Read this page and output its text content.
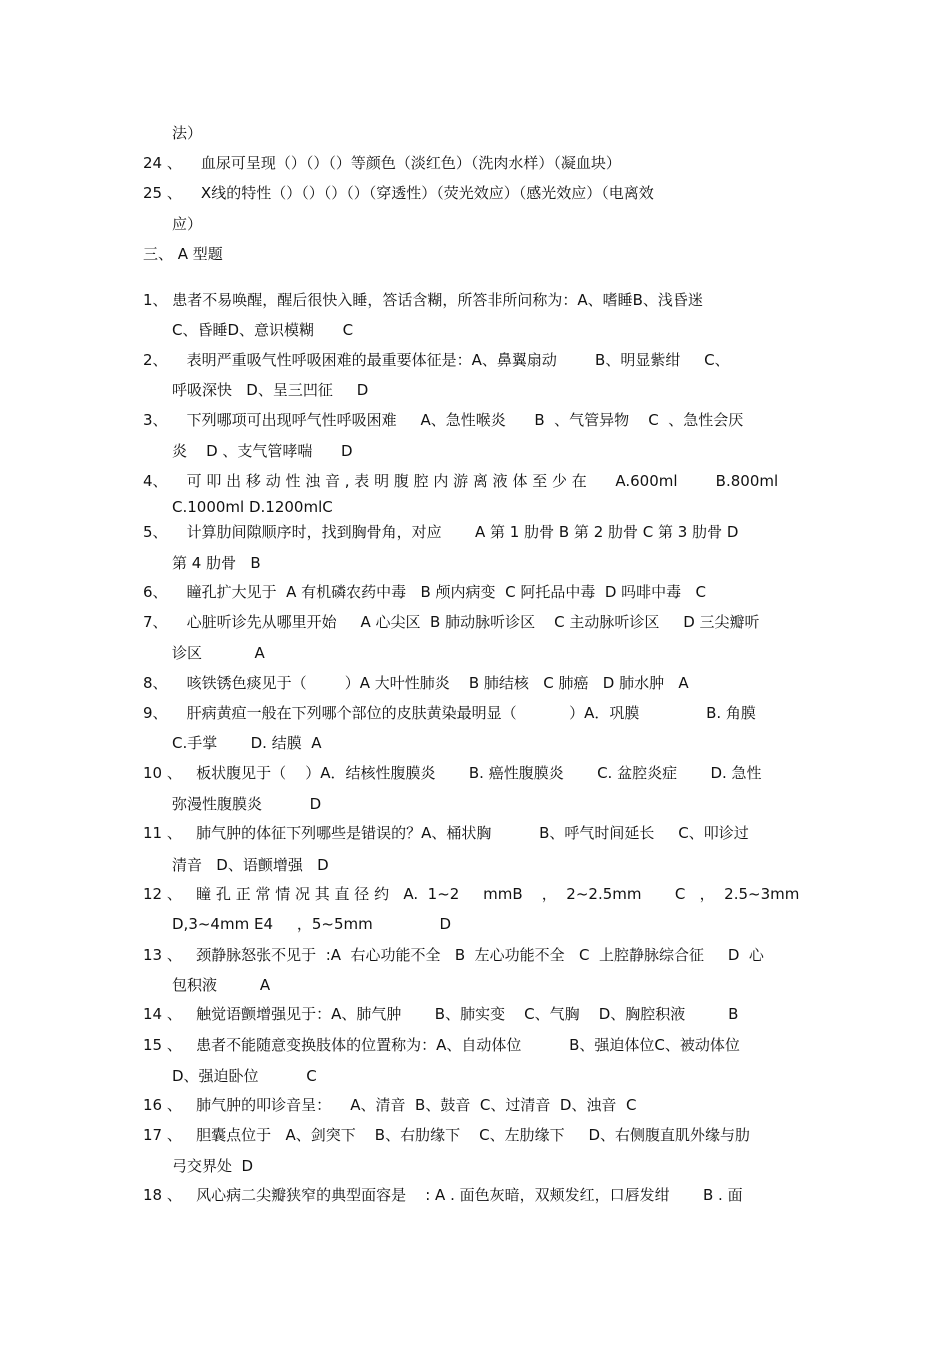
法）
24 、    血尿可呈现（）（）（）等颜色（淡红色）（洗肉水样）（凝血块）
25 、    X线的特性（）（）（）（）（穿透性）（荧光效应）（感光效应）（电离效
应）
三、 A 型题
1、 患者不易唤醒，醒后很快入睡，答话含糊，所答非所问称为：A、嗜睡B、浅昏迷
C、昏睡D、意识模糊      C
2、    表明严重吸气性呼吸困难的最重要体征是：A、鼻翼扇动        B、明显紫绀     C、
呼吸深快   D、呈三凹征     D
3、    下列哪项可出现呼气性呼吸困难     A、急性喉炎      B  、气管异物    C  、急性会厌
炎    D 、支气管哮喘      D
4、    可 叩 出 移 动 性 浊 音 , 表 明 腹 腔 内 游 离 液 体 至 少 在      A.600ml        B.800ml
C.1000ml D.1200mlC
5、    计算肋间隙顺序时，找到胸骨角，对应       A 第 1 肋骨 B 第 2 肋骨 C 第 3 肋骨 D
第 4 肋骨   B
6、    瞳孔扩大见于  A 有机磷农药中毒   B 颅内病变  C 阿托品中毒  D 吗啡中毒   C
7、    心脏听诊先从哪里开始     A 心尖区  B 肺动脉听诊区    C 主动脉听诊区     D 三尖瓣听
诊区           A
8、    咳铁锈色痰见于（        ）A 大叶性肺炎    B 肺结核   C 肺癌   D 肺水肿   A
9、    肝病黄疸一般在下列哪个部位的皮肤黄染最明显（           ）A．巩膜              B. 角膜
C.手掌       D. 结膜  A
10 、   板状腹见于（    ）A．结核性腹膜炎       B. 癌性腹膜炎       C. 盆腔炎症       D. 急性
弥漫性腹膜炎          D
11 、   肺气肿的体征下列哪些是错误的？A、桶状胸          B、呼气时间延长     C、叩诊过
清音   D、语颤增强   D
12 、   瞳 孔 正 常 情 况 其 直 径 约   A.  1~2     mmB    ，  2~2.5mm       C   ，  2.5~3mm
D,3~4mm E4     ，5~5mm              D
13 、   颈静脉怒张不见于  :A  右心功能不全   B  左心功能不全   C  上腔静脉综合征     D  心
包积液         A
14 、   触觉语颤增强见于：A、肺气肿       B、肺实变    C、气胸    D、胸腔积液         B
15 、   患者不能随意变换肢体的位置称为：A、自动体位          B、强迫体位C、被动体位
D、强迫卧位          C
16 、   肺气肿的叩诊音呈：    A、清音  B、鼓音  C、过清音  D、浊音  C
17 、   胆囊点位于   A、剑突下    B、右肋缘下    C、左肋缘下     D、右侧腹直肌外缘与肋
弓交界处  D
18 、   风心病二尖瓣狭窄的典型面容是    : A . 面色灰暗，双颊发红，口唇发绀       B . 面
